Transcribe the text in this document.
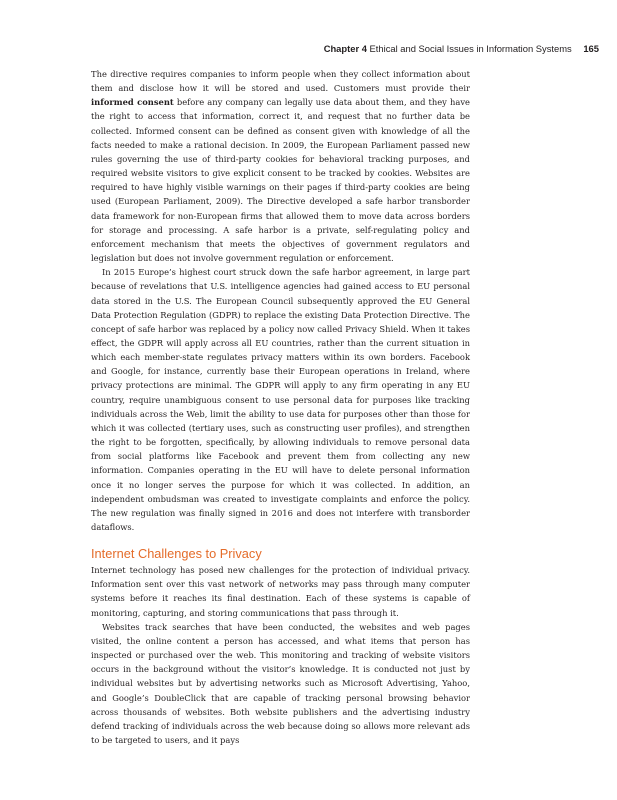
Chapter 4 Ethical and Social Issues in Information Systems 165

The directive requires companies to inform people when they collect information about them and disclose how it will be stored and used. Customers must provide their informed consent before any company can legally use data about them, and they have the right to access that information, correct it, and request that no further data be collected. Informed consent can be defined as consent given with knowledge of all the facts needed to make a rational decision. In 2009, the European Parliament passed new rules governing the use of third-party cookies for behavioral tracking purposes, and required website visitors to give explicit consent to be tracked by cookies. Websites are required to have highly visible warnings on their pages if third-party cookies are being used (European Parliament, 2009). The Directive developed a safe harbor transborder data framework for non-European firms that allowed them to move data across borders for storage and processing. A safe harbor is a private, self-regulating policy and enforcement mechanism that meets the objectives of government regulators and legislation but does not involve government regulation or enforcement.

In 2015 Europe’s highest court struck down the safe harbor agreement, in large part because of revelations that U.S. intelligence agencies had gained access to EU personal data stored in the U.S. The European Council subsequently approved the EU General Data Protection Regulation (GDPR) to replace the existing Data Protection Directive. The concept of safe harbor was replaced by a policy now called Privacy Shield. When it takes effect, the GDPR will apply across all EU countries, rather than the current situation in which each member-state regulates privacy matters within its own borders. Facebook and Google, for instance, currently base their European operations in Ireland, where privacy protections are minimal. The GDPR will apply to any firm operating in any EU country, require unambiguous consent to use personal data for purposes like tracking individuals across the Web, limit the ability to use data for purposes other than those for which it was collected (tertiary uses, such as constructing user profiles), and strengthen the right to be forgotten, specifically, by allowing individuals to remove personal data from social platforms like Facebook and prevent them from collecting any new information. Companies operating in the EU will have to delete personal information once it no longer serves the purpose for which it was collected. In addition, an independent ombudsman was created to investigate complaints and enforce the policy. The new regulation was finally signed in 2016 and does not interfere with transborder dataflows.

Internet Challenges to Privacy

Internet technology has posed new challenges for the protection of individual privacy. Information sent over this vast network of networks may pass through many computer systems before it reaches its final destination. Each of these systems is capable of monitoring, capturing, and storing communications that pass through it.

Websites track searches that have been conducted, the websites and web pages visited, the online content a person has accessed, and what items that person has inspected or purchased over the web. This monitoring and tracking of website visitors occurs in the background without the visitor’s knowledge. It is conducted not just by individual websites but by advertising networks such as Microsoft Advertising, Yahoo, and Google’s DoubleClick that are capable of tracking personal browsing behavior across thousands of websites. Both website publishers and the advertising industry defend tracking of individuals across the web because doing so allows more relevant ads to be targeted to users, and it pays
